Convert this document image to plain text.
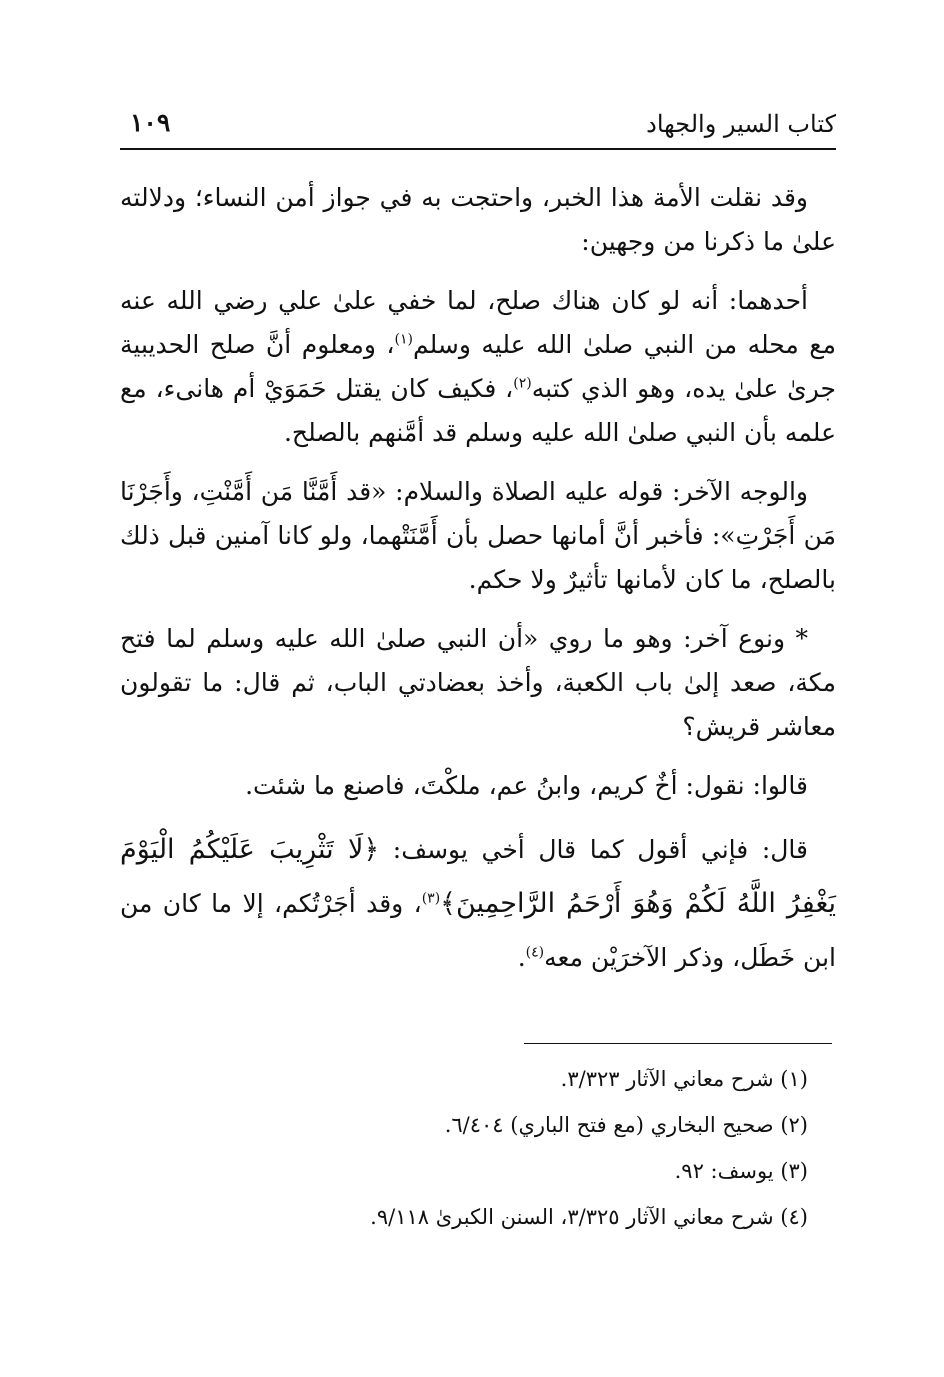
كتاب السير والجهاد
١٠٩

وقد نقلت الأمة هذا الخبر، واحتجت به في جواز أمن النساء؛ ودلالته علىٰ ما ذكرنا من وجهين:

أحدهما: أنه لو كان هناك صلح، لما خفي علىٰ علي رضي الله عنه مع محله من النبي صلىٰ الله عليه وسلم$^{(١)}$، ومعلوم أنَّ صلح الحديبية جرىٰ علىٰ يده، وهو الذي كتبه$^{(٢)}$، فكيف كان يقتل حَمَوَيْ أم هانىء، مع علمه بأن النبي صلىٰ الله عليه وسلم قد أمَّنهم بالصلح.

والوجه الآخر: قوله عليه الصلاة والسلام: «قد أَمَّنَّا مَن أَمَّنْتِ، وأَجَرْنَا مَن أَجَرْتِ»: فأخبر أنَّ أمانها حصل بأن أَمَّنَتْهما، ولو كانا آمنين قبل ذلك بالصلح، ما كان لأمانها تأثيرٌ ولا حكم.

* ونوع آخر: وهو ما روي «أن النبي صلىٰ الله عليه وسلم لما فتح مكة، صعد إلىٰ باب الكعبة، وأخذ بعضادتي الباب، ثم قال: ما تقولون معاشر قريش؟

قالوا: نقول: أخٌ كريم، وابنُ عم، ملكْتَ، فاصنع ما شئت.

قال: فإني أقول كما قال أخي يوسف: ﴿لَا تَثْرِيبَ عَلَيْكُمُ الْيَوْمَ يَغْفِرُ اللَّهُ لَكُمْ وَهُوَ أَرْحَمُ الرَّاحِمِينَ﴾$^{(٣)}$، وقد أجَرْتُكم، إلا ما كان من ابن خَطَل، وذكر الآخرَيْن معه$^{(٤)}$.

(١) شرح معاني الآثار ٣/٣٢٣.
(٢) صحيح البخاري (مع فتح الباري) ٦/٤٠٤.
(٣) يوسف: ٩٢.
(٤) شرح معاني الآثار ٣/٣٢٥، السنن الكبرىٰ ٩/١١٨.
